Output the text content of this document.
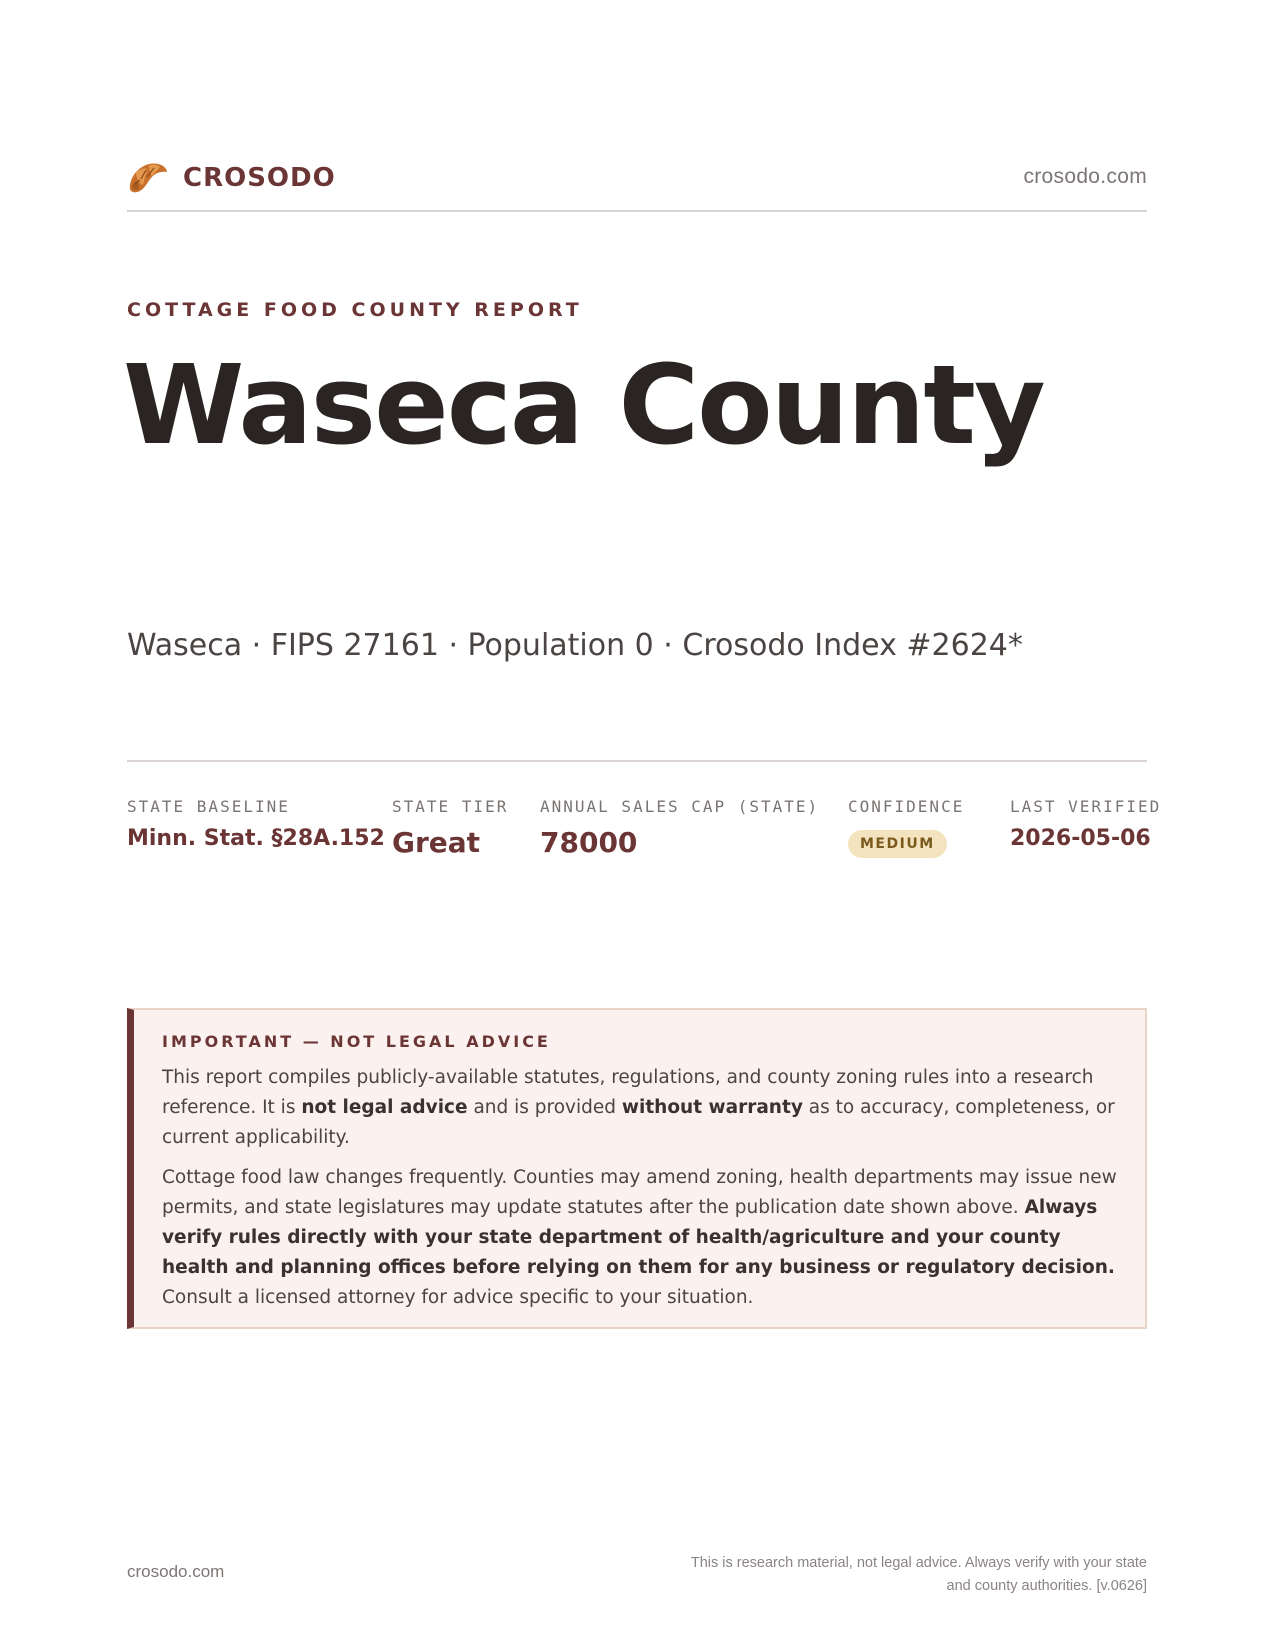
CROSODO	crosodo.com
COTTAGE FOOD COUNTY REPORT
Waseca County
Waseca · FIPS 27161 · Population 0 · Crosodo Index #2624*
STATE BASELINE
Minn. Stat. §28A.152
STATE TIER
Great
ANNUAL SALES CAP (STATE)
78000
CONFIDENCE
MEDIUM
LAST VERIFIED
2026-05-06
IMPORTANT — NOT LEGAL ADVICE

This report compiles publicly-available statutes, regulations, and county zoning rules into a research reference. It is not legal advice and is provided without warranty as to accuracy, completeness, or current applicability.

Cottage food law changes frequently. Counties may amend zoning, health departments may issue new permits, and state legislatures may update statutes after the publication date shown above. Always verify rules directly with your state department of health/agriculture and your county health and planning offices before relying on them for any business or regulatory decision. Consult a licensed attorney for advice specific to your situation.

crosodo.com	This is research material, not legal advice. Always verify with your state
and county authorities. [v.0626]
